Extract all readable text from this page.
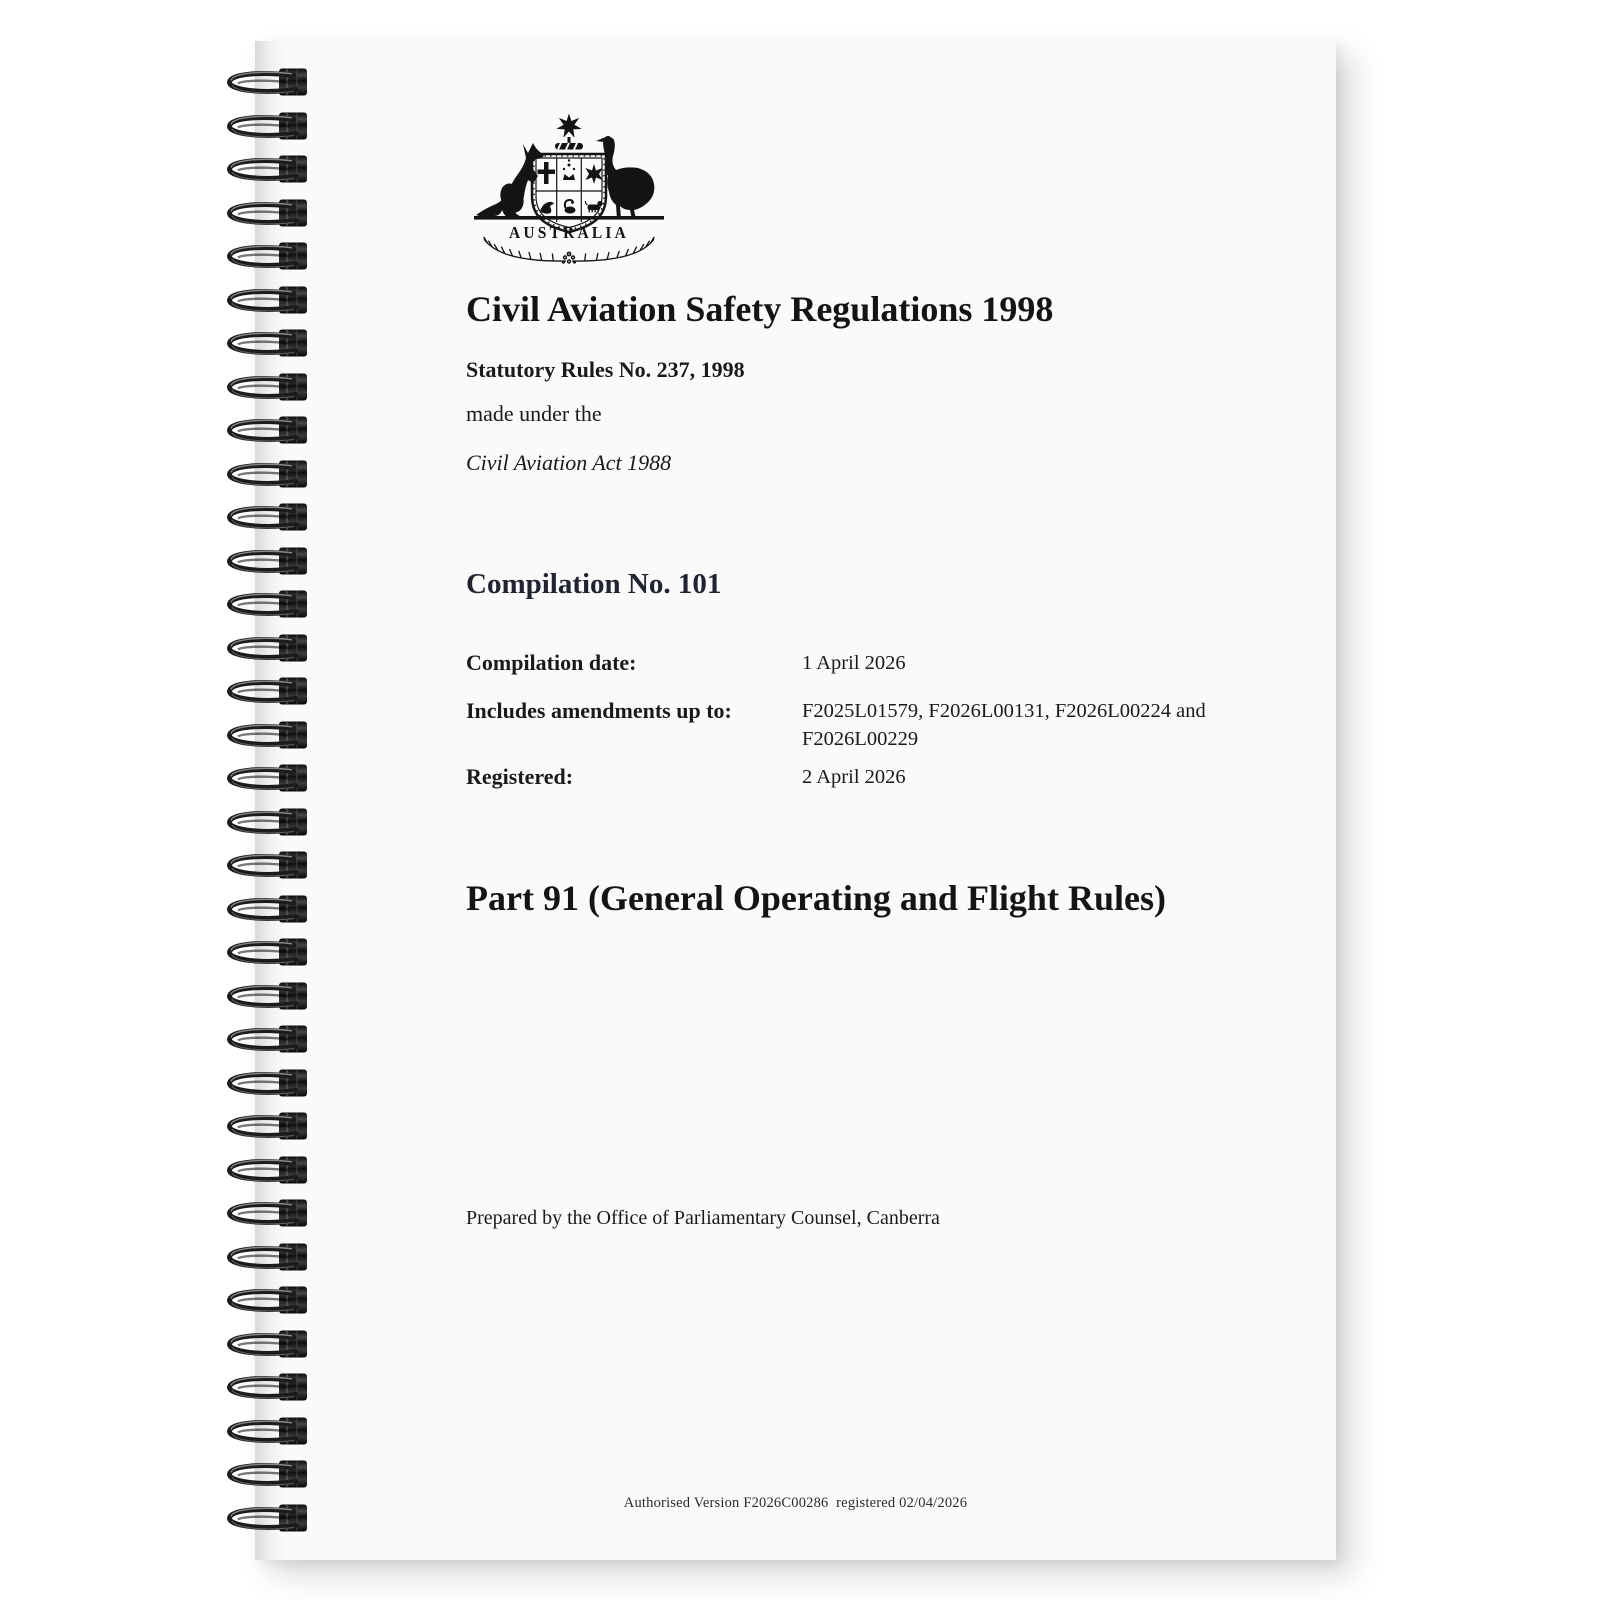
AUSTRALIA
Civil Aviation Safety Regulations 1998
Statutory Rules No. 237, 1998
made under the
Civil Aviation Act 1988
Compilation No. 101
Compilation date:	1 April 2026
Includes amendments up to:	F2025L01579, F2026L00131, F2026L00224 and F2026L00229
Registered:	2 April 2026
Part 91 (General Operating and Flight Rules)
Prepared by the Office of Parliamentary Counsel, Canberra
Authorised Version F2026C00286  registered 02/04/2026
